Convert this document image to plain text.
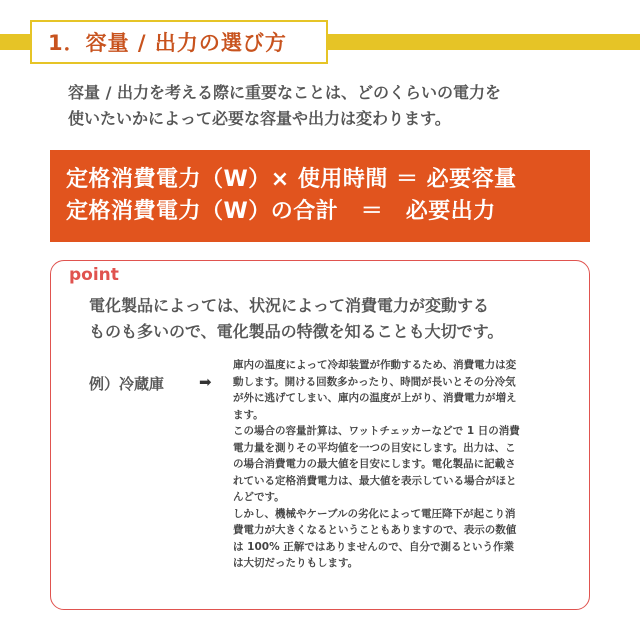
1．容量 / 出力の選び方

容量 / 出力を考える際に重要なことは、どのくらいの電力を

使いたいかによって必要な容量や出力は変わります。

定格消費電力（W）× 使用時間 ＝ 必要容量

定格消費電力（W）の合計　＝　必要出力

point

電化製品によっては、状況によって消費電力が変動する

ものも多いので、電化製品の特徴を知ることも大切です。

例）冷蔵庫 ➡

庫内の温度によって冷却装置が作動するため、消費電力は変

動します。開ける回数多かったり、時間が長いとその分冷気

が外に逃げてしまい、庫内の温度が上がり、消費電力が増え

ます。

この場合の容量計算は、ワットチェッカーなどで 1 日の消費

電力量を測りその平均値を一つの目安にします。出力は、こ

の場合消費電力の最大値を目安にします。電化製品に記載さ

れている定格消費電力は、最大値を表示している場合がほと

んどです。

しかし、機械やケーブルの劣化によって電圧降下が起こり消

費電力が大きくなるということもありますので、表示の数値

は 100% 正解ではありませんので、自分で測るという作業

は大切だったりもします。
